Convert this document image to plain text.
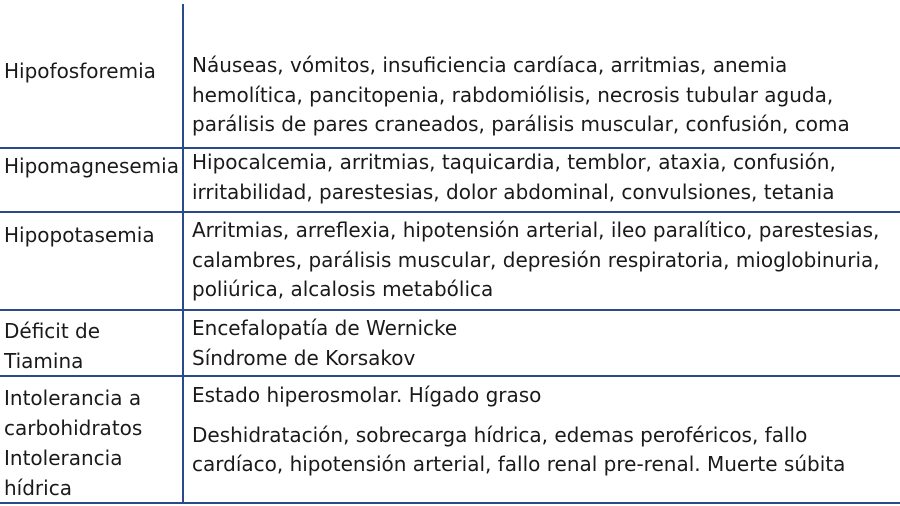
Hipofosforemia	Náuseas, vómitos, insuficiencia cardíaca, arritmias, anemia
hemolítica, pancitopenia, rabdomiólisis, necrosis tubular aguda,
parálisis de pares craneados, parálisis muscular, confusión, coma
Hipomagnesemia Hipocalcemia, arritmias, taquicardia, temblor, ataxia, confusión,
irritabilidad, parestesias, dolor abdominal, convulsiones, tetania
Hipopotasemia	Arritmias, arreflexia, hipotensión arterial, ileo paralítico, parestesias,
calambres, parálisis muscular, depresión respiratoria, mioglobinuria,
poliúrica, alcalosis metabólica
Déficit de
Tiamina
Encefalopatía de Wernicke
Síndrome de Korsakov
Intolerancia a
carbohidratos
Intolerancia
hídrica
Estado hiperosmolar. Hígado graso
Deshidratación, sobrecarga hídrica, edemas peroféricos, fallo
cardíaco, hipotensión arterial, fallo renal pre-renal. Muerte súbita
